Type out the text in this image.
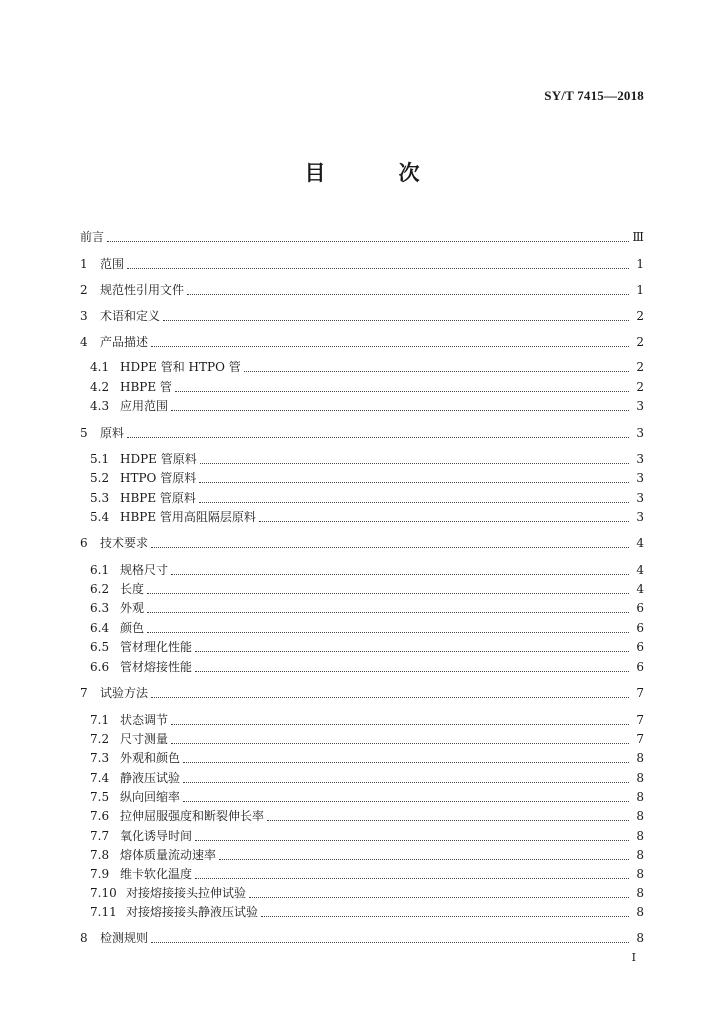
SY/T 7415—2018
目　次
前言	Ⅲ
1	范围	1
2	规范性引用文件	1
3	术语和定义	2
4	产品描述	2
4.1 HDPE 管和 HTPO 管	2
4.2 HBPE 管	2
4.3 应用范围	3
5	原料	3
5.1 HDPE 管原料	3
5.2 HTPO 管原料	3
5.3 HBPE 管原料	3
5.4 HBPE 管用高阻隔层原料	3
6	技术要求	4
6.1 规格尺寸	4
6.2 长度	4
6.3 外观	6
6.4 颜色	6
6.5 管材理化性能	6
6.6 管材熔接性能	6
7	试验方法	7
7.1 状态调节	7
7.2 尺寸测量	7
7.3 外观和颜色	8
7.4 静液压试验	8
7.5 纵向回缩率	8
7.6 拉伸屈服强度和断裂伸长率	8
7.7 氧化诱导时间	8
7.8 熔体质量流动速率	8
7.9 维卡软化温度	8
7.10 对接熔接接头拉伸试验	8
7.11 对接熔接接头静液压试验	8
8	检测规则	8
I
